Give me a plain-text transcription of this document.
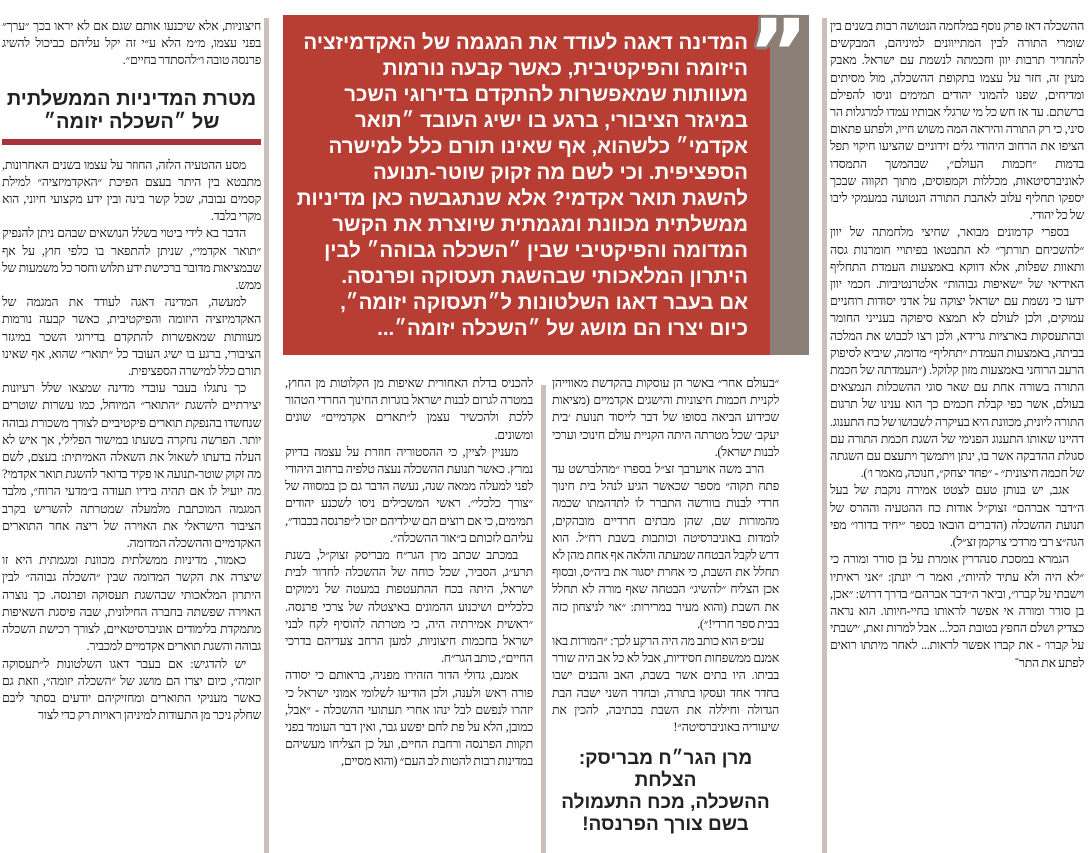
”
המדינה דאגה לעודד את המגמה של האקדמיזציה
היזומה והפיקטיבית, כאשר קבעה נורמות
מעוותות שמאפשרות להתקדם בדירוגי השכר
במיגזר הציבורי, ברגע בו ישיג העובד ״תואר
אקדמי״ כלשהוא, אף שאינו תורם כלל למישרה
הספציפית. וכי לשם מה זקוק שוטר-תנועה
להשגת תואר אקדמי? אלא שנתגבשה כאן מדיניות
ממשלתית מכוונת ומגמתית שיוצרת את הקשר
המדומה והפיקטיבי שבין ״השכלה גבוהה״ לבין
היתרון המלאכותי שבהשגת תעסוקה ופרנסה.
אם בעבר דאגו השלטונות ל״תעסוקה יזומה״,
כיום יצרו הם מושג של ״השכלה יזומה״...

ההשכלה דאז פרק נוסף במלחמה הנטושה רבות בשנים בין שומרי התורה לבין המתייוונים למיניהם, המבקשים להחדיר תרבות יוון וחכמתה לנשמת עם ישראל. מאבק מעין זה, חזר על עצמו בתקופת ההשכלה, מול מסיתים ומדיחים, שפנו להמוני יהודים תמימים וניסו להפילם ברשתם. עד אז חש כל מי שרגלי אבותיו עמדו למרגלות הר סיני, כי רק התורה והיראה המה משוש חייו, ולפתע פתאום הציפו את הרחוב היהודי גלים זידוניים שהציעו חיקוי תפל בדמות ״חכמות העולם״, שבהמשך התמסדו לאוניברסיטאות, מכללות וקמפוסים, מתוך תקווה שבכך יספקו תחליף עלוב לאהבת התורה הנטועה במעמקי ליבו של כל יהודי.

בספרי קדמונים מבואר, שחיצי מלחמתה של יוון ״להשכיחם תורתך״ לא התבטאו בפיתויי חומרנות גסה ותאוות שפלות, אלא דווקא באמצעות העמדת התחליף האידיאי של ״שאיפות גבוהות״ אלטרנטיביות. חכמי יוון ידעו כי נשמת עם ישראל יצוקה על אדני יסודות רוחניים עמוקים, ולכן לעולם לא תמצא סיפוקה בענייני החומר ובהתעסקות בארציות גרידא, ולכן רצו לכבוש את המלכה בביתה, באמצעות העמדת ״תחליף״ מדומה, שיביא לסיפוק הרעב הרוחני באמצעות מזון קלוקל. (״העמדתה של חכמת התורה בשורה אחת עם שאר סוגי ההשכלות הנמצאים בעולם, אשר כפי קבלת חכמים כך הוא ענינו של תרגום התורה ליונית, מכוונת היא בעיקרה לשבושו של כח התענוג. דהיינו שאותו התענוג הפנימי של השגת חכמת התורה עם סגולת ההדבקה אשר בו, ינתן ויתמשך ויתעצם עם השגתה של חכמה חיצונית״ - ״פחד יצחק״, חנוכה, מאמר ו׳).

אגב, יש בנותן טעם לצטט אמירה נוקבת של בעל ה״דבר אברהם״ זצוק״ל אודות כח ההטעיה וההרס של תנועת ההשכלה (הדברים הובאו בספר ״יחיד בדורו״ מפי הגה״צ רבי מרדכי צרקמן זצ״ל).

הגמרא במסכת סנהדרין אומרת על בן סורר ומורה כי ״לא היה ולא עתיד להיות״, ואמר ר׳ יונתן: ״אני ראיתיו וישבתי על קברו״, וביאר ה״דבר אברהם״ בדרך דרוש: ״אכן, בן סורר ומורה אי אפשר לראותו בחיי-חיותו. הוא נראה כצדיק ושלם החפץ בטובת הכל... אבל למרות זאת, ׳ישבתי על קברו׳ - את קברו אפשר לראות... לאחר מיתתו רואים לפתע את התר־

״בעולם אחר״ באשר הן עוסקות בהקדשת מאווייהן לקניית חכמות חיצוניות והישגים אקדמיים (מציאות שכידוע הביאה בסופו של דבר לייסוד תנועת ׳בית יעקב׳ שכל מטרתה היתה הקניית עולם חינוכי וערכי לבנות ישראל).

הרב משה אויערבך זצ״ל בספרו ״מהלברשט עד פתח תקוה״ מספר שכאשר הגיע לנהל בית חינוך חרדי לבנות בוורשה התברר לו לתדהמתו שכמה מהמורות שם, שהן מבתים חרדיים מובהקים, לומדות באוניברסיטה וכותבות בשבת רח״ל. הוא דרש לקבל הבטחה שמעתה והלאה אף אחת מהן לא תחלל את השבת, כי אחרת יסגור את ביה״ס, ובסוף אכן הצליח ״להשיג״ הבטחה שאף מורה לא תחלל את השבת (והוא מעיר במרירות: ״אוי לניצחון כזה בבית ספר חרדי!״).

עכ״פ הוא כותב מה היה הרקע לכך: ״המורות באו אמנם ממשפחות חסידיות, אבל לא כל אב היה שורר בביתו. היו בתים אשר בשבת, האב והבנים ישבו בחדר אחד ועסקו בתורה, ובחדר השני ישבה הבת הגדולה וחיללה את השבת בכתיבה, להכין את שיעוריה באוניברסיטה״!

מרן הגר״ח מבריסק: הצלחת
ההשכלה, מכח התעמולה
בשם צורך הפרנסה!

להכניס בדלת האחורית שאיפות מן הקלוטות מן החוץ, במטרה לגרום לבנות ישראל בוגרות החינוך החרדי הטהור ללכת ולהכשיר עצמן ל״תארים אקדמיים״ שונים ומשונים.

מעניין לציין, כי ההסטוריה חוזרת על עצמה בדיוק נמרץ. כאשר תנועת ההשכלה נעצה טלפיה ברחוב היהודי לפני למעלה ממאה שנה, נעשה הדבר גם כן במסווה של ״צורך כלכלי״. ראשי המשכילים ניסו לשכנע יהודים תמימים, כי אם רוצים הם שילדיהם יזכו ל״פרנסה בכבוד״, עליהם לזכותם ב״אור ההשכלה״.

במכתב שכתב מרן הגר״ח מבריסק זצוק״ל, בשנת תרע״ג, הסביר, שכל כוחה של ההשכלה לחדור לבית ישראל, היתה בכח ההתעטפות במעטה של נימוקים כלכליים ושיכנוע ההמונים באיצטלה של צרכי פרנסה. ״ראשית אמירתיה היה, כי מטרתה להוסיף לקח לבני ישראל בחכמות חיצוניות, למען הרחב צעדיהם בדרכי החיים״, כותב הגר״ח.

אמנם, גדולי הדור הזהירו מפניה, בראותם כי יסודה פורה ראש ולענה, ולכן הודיעו לשלומי אמוני ישראל כי יזהרו לנפשם לבל ינהו אחרי תעתועי ההשכלה - ״אבל, כמובן, הלא על פת לחם יפשע גבר, ואין דבר העומד בפני תקוות הפרנסה ורחבת החיים, ועל כן הצליחו מעשיהם במדינות רבות להטות לב העם״ (והוא מסיים,

חיצוניות, אלא שיכנעו אותם שגם אם לא יראו בכך ״ערך״ בפני עצמו, מ״מ הלא ע״י זה יקל עליהם כביכול להשיג פרנסה טובה ו״להסתדר בחיים״.

מטרת המדיניות הממשלתית
של ״השכלה יזומה״

מסע ההטעיה הלזה, החוזר על עצמו בשנים האחרונות, מתבטא בין היתר בעצם הפיכת ״האקדמיזציה״ למילת קסמים נבובה, שכל קשר בינה ובין ידע מקצועי חיוני, הוא מקרי בלבד.

הדבר בא לידי ביטוי בשלל הנושאים שבהם ניתן להנפיק ״תואר אקדמי״, שניתן להתפאר בו כלפי חוץ, על אף שבמציאות מדובר ברכישת ידע תלוש וחסר כל משמעות של ממש.

למעשה, המדינה דאגה לעודד את המגמה של האקדמיזציה היזומה והפיקטיבית, כאשר קבעה נורמות מעוותות שמאפשרות להתקדם בדירוגי השכר במיגזר הציבורי, ברגע בו ישיג העובד כל ״תואר״ שהוא, אף שאינו תורם כלל למישרה הספציפית.

כך נתגלו בעבר עובדי מדינה שמצאו שלל רעיונות יצירתיים להשגת ״התואר״ המיוחל, כמו עשרות שוטרים שנחשדו בהנפקת תוארים פיקטיביים לצורך משכורת גבוהה יותר. הפרשה נחקרה בשעתו במישור הפלילי, אך איש לא העלה בדעתו לשאול את השאלה האמיתית: בעצם, לשם מה זקוק שוטר-תנועה או פקיד בדואר להשגת תואר אקדמי? מה יועיל לו אם תהיה בידיו תעודה ב״מדעי הרוח״, מלבד המגמה המוכתבת מלמעלה שמטרתה להשריש בקרב הציבור הישראלי את האוירה של ריצה אחר התוארים האקדמיים וההשכלה המדומה.

כאמור, מדיניות ממשלתית מכוונת ומגמתית היא זו שיצרה את הקשר המדומה שבין ״השכלה גבוהה״ לבין היתרון המלאכותי שבהשגת תעסוקה ופרנסה. כך נוצרה האוירה שפשתה בחברה החילונית, שבה פיסגת השאיפות מתמקדת בלימודים אוניברסיטאיים, לצורך רכישת השכלה גבוהה והשגת תוארים אקדמיים למכביר.

יש להדגיש: אם בעבר דאגו השלטונות ל״תעסוקה יזומה״, כיום יצרו הם מושג של ״השכלה יזומה״, וזאת גם כאשר מעניקי התוארים ומחזיקיהם יודעים בסתר ליבם שחלק ניכר מן התעודות למיניהן ראויות רק כדי לצור
